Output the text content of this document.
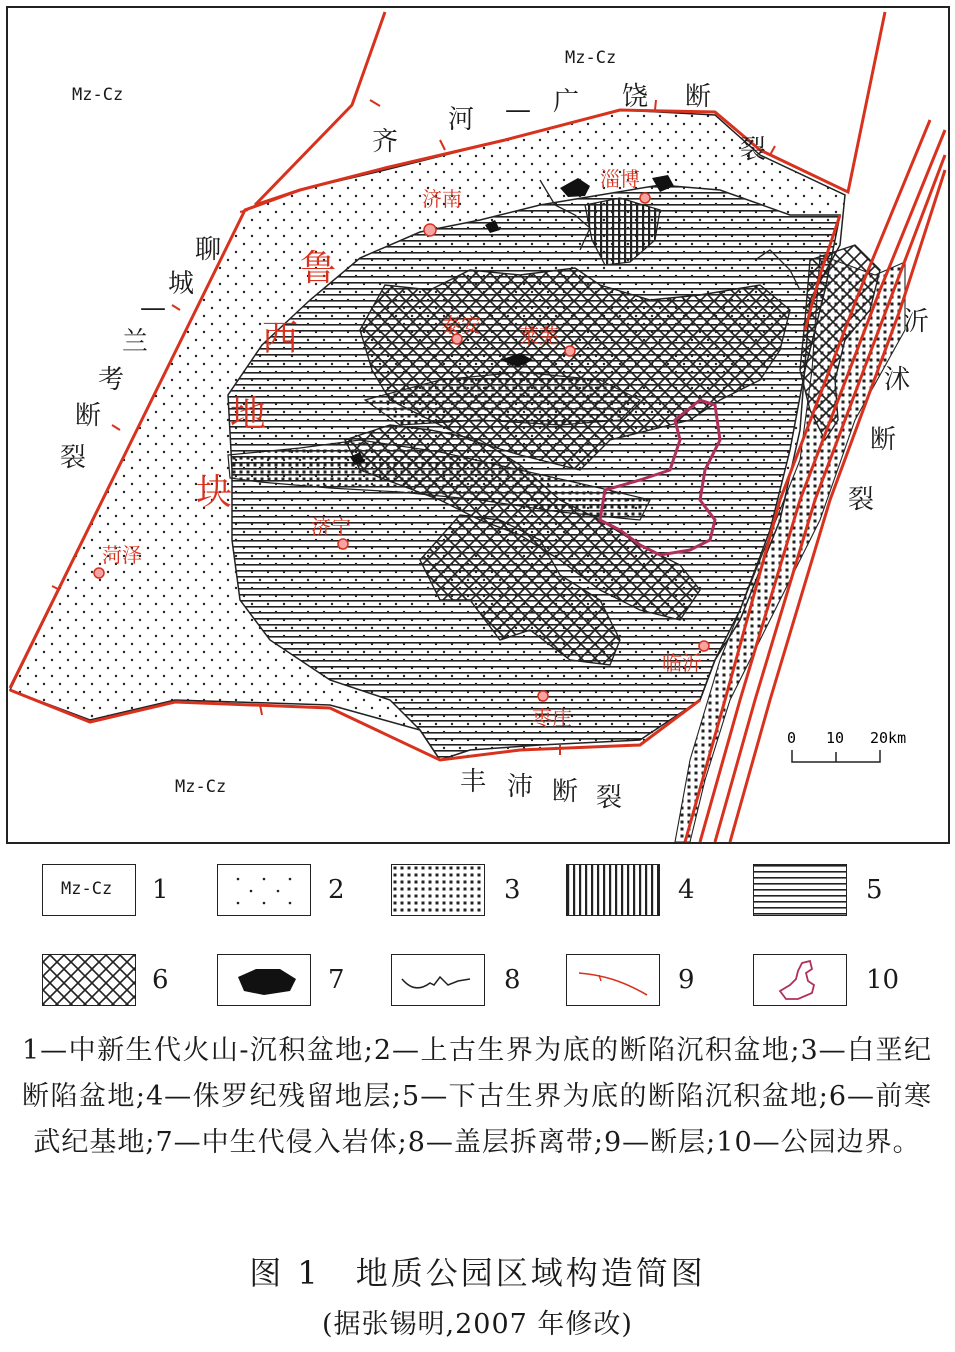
济南
淄博
泰安 莱芜
济宁
菏泽
临沂
枣庄
Mz-Cz
Mz-Cz
Mz-Cz
齐
河 — 广 饶 断
裂
聊
城
—
兰
考
断
裂
沂
沭
断
裂
丰 沛 断 裂
鲁
西
地
块
0 10 20km
Mz-Cz 1	2	3	4	5
6	7	8	9	10
1—中新生代火山-沉积盆地;2—上古生界为底的断陷沉积盆地;3—白垩纪断陷盆地;4—侏罗纪残留地层;5—下古生界为底的断陷沉积盆地;6—前寒武纪基地;7—中生代侵入岩体;8—盖层拆离带;9—断层;10—公园边界。
图 1　地质公园区域构造简图
(据张锡明,2007 年修改)
